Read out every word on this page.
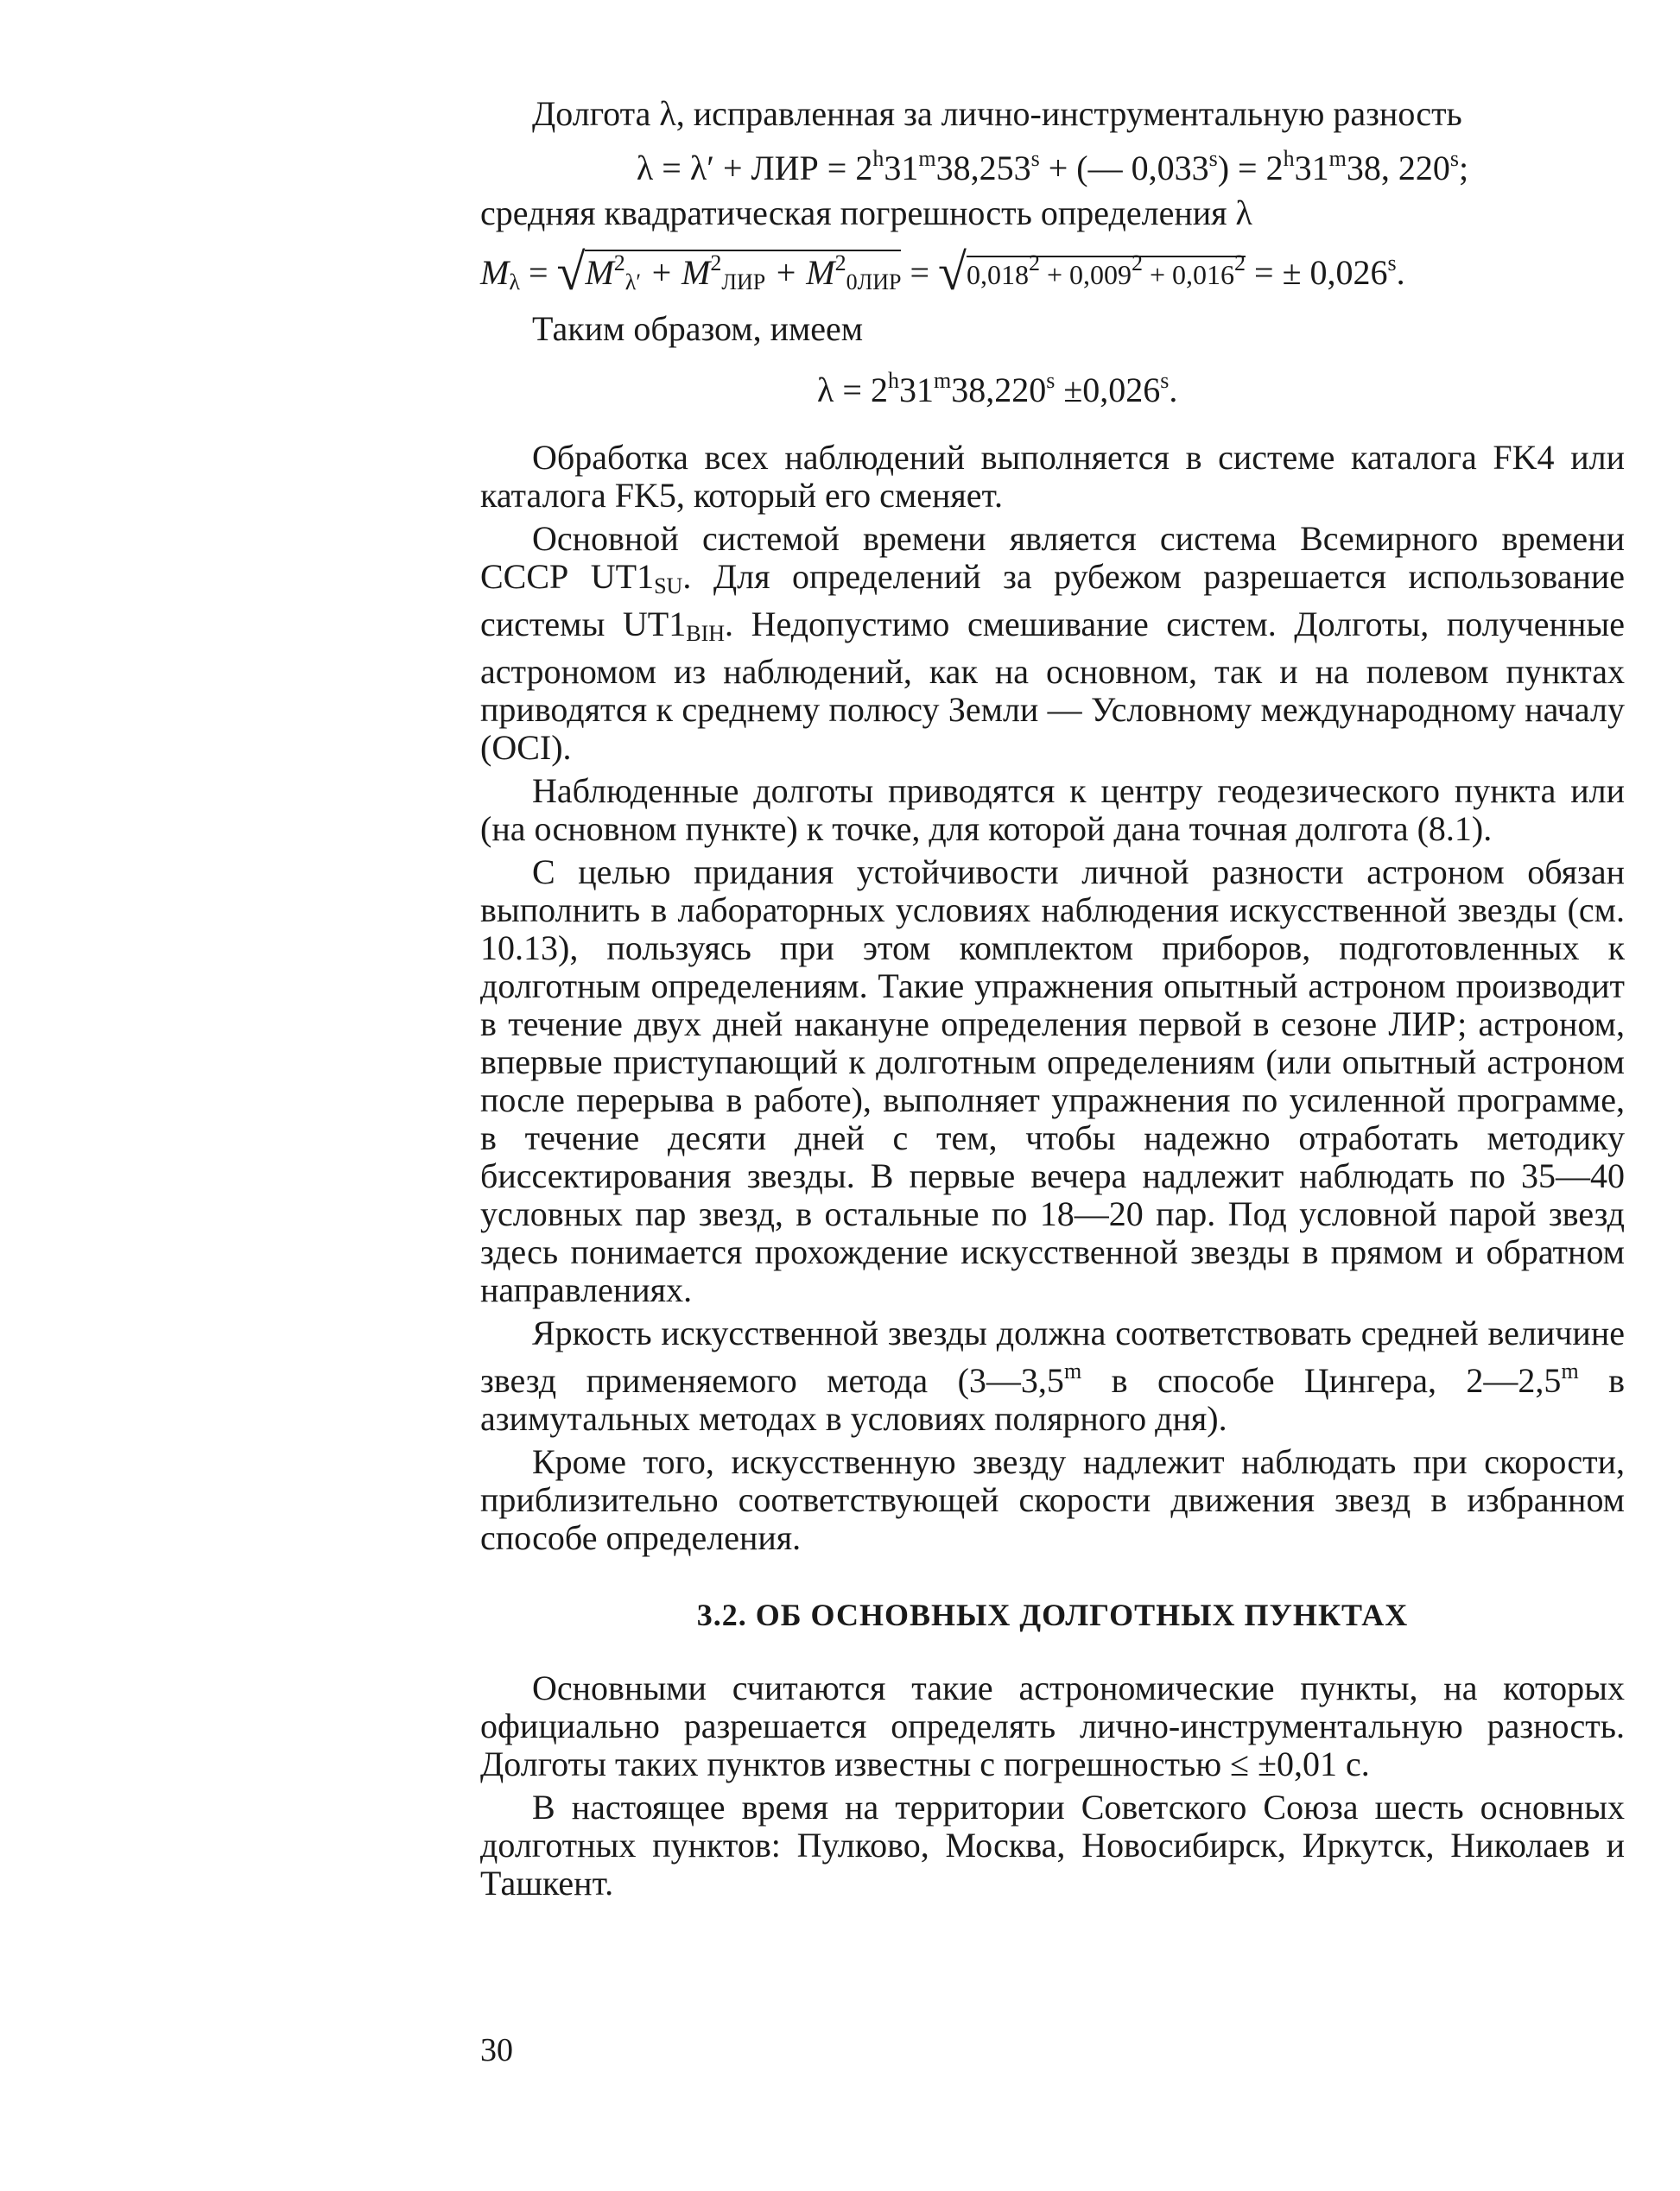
Долгота λ, исправленная за лично-инструментальную разность

λ = λ′ + ЛИР = $2^h31^m38,253^s$ + (— $0,033^s) = 2^h31^m38$, 220$^s$;

средняя квадратическая погрешность определения λ

$M_\lambda = √M^2_{\lambda'} + M^2_{ЛИР} + M^2_{0ЛИР} = √0,018^2 + 0,009^2 + 0,016^2$ = ± $0,026^s$.

Таким образом, имеем

$\lambda = 2^h31^m38,220^s \pm 0,026^s$.

Обработка всех наблюдений выполняется в системе каталога FK4 или каталога FK5, который его сменяет.

Основной системой времени является система Всемирного времени СССР $UT1_{SU}$. Для определений за рубежом разрешается использование системы $UT1_{BIH}$. Недопустимо смешивание систем. Долготы, полученные астрономом из наблюдений, как на основном, так и на полевом пунктах приводятся к среднему полюсу Земли — Условному международному началу (OCI).

Наблюденные долготы приводятся к центру геодезического пункта или (на основном пункте) к точке, для которой дана точная долгота (8.1).

С целью придания устойчивости личной разности астроном обязан выполнить в лабораторных условиях наблюдения искусственной звезды (см. 10.13), пользуясь при этом комплектом приборов, подготовленных к долготным определениям. Такие упражнения опытный астроном производит в течение двух дней накануне определения первой в сезоне ЛИР; астроном, впервые приступающий к долготным определениям (или опытный астроном после перерыва в работе), выполняет упражнения по усиленной программе, в течение десяти дней с тем, чтобы надежно отработать методику биссектирования звезды. В первые вечера надлежит наблюдать по 35—40 условных пар звезд, в остальные по 18—20 пар. Под условной парой звезд здесь понимается прохождение искусственной звезды в прямом и обратном направлениях.

Яркость искусственной звезды должна соответствовать средней величине звезд применяемого метода (3—3,5$^m$ в способе Цингера, 2—2,5$^m$ в азимутальных методах в условиях полярного дня).

Кроме того, искусственную звезду надлежит наблюдать при скорости, приблизительно соответствующей скорости движения звезд в избранном способе определения.

3.2. ОБ ОСНОВНЫХ ДОЛГОТНЫХ ПУНКТАХ

Основными считаются такие астрономические пункты, на которых официально разрешается определять лично-инструментальную разность. Долготы таких пунктов известны с погрешностью ≤ ±0,01 с.

В настоящее время на территории Советского Союза шесть основных долготных пунктов: Пулково, Москва, Новосибирск, Иркутск, Николаев и Ташкент.

30
